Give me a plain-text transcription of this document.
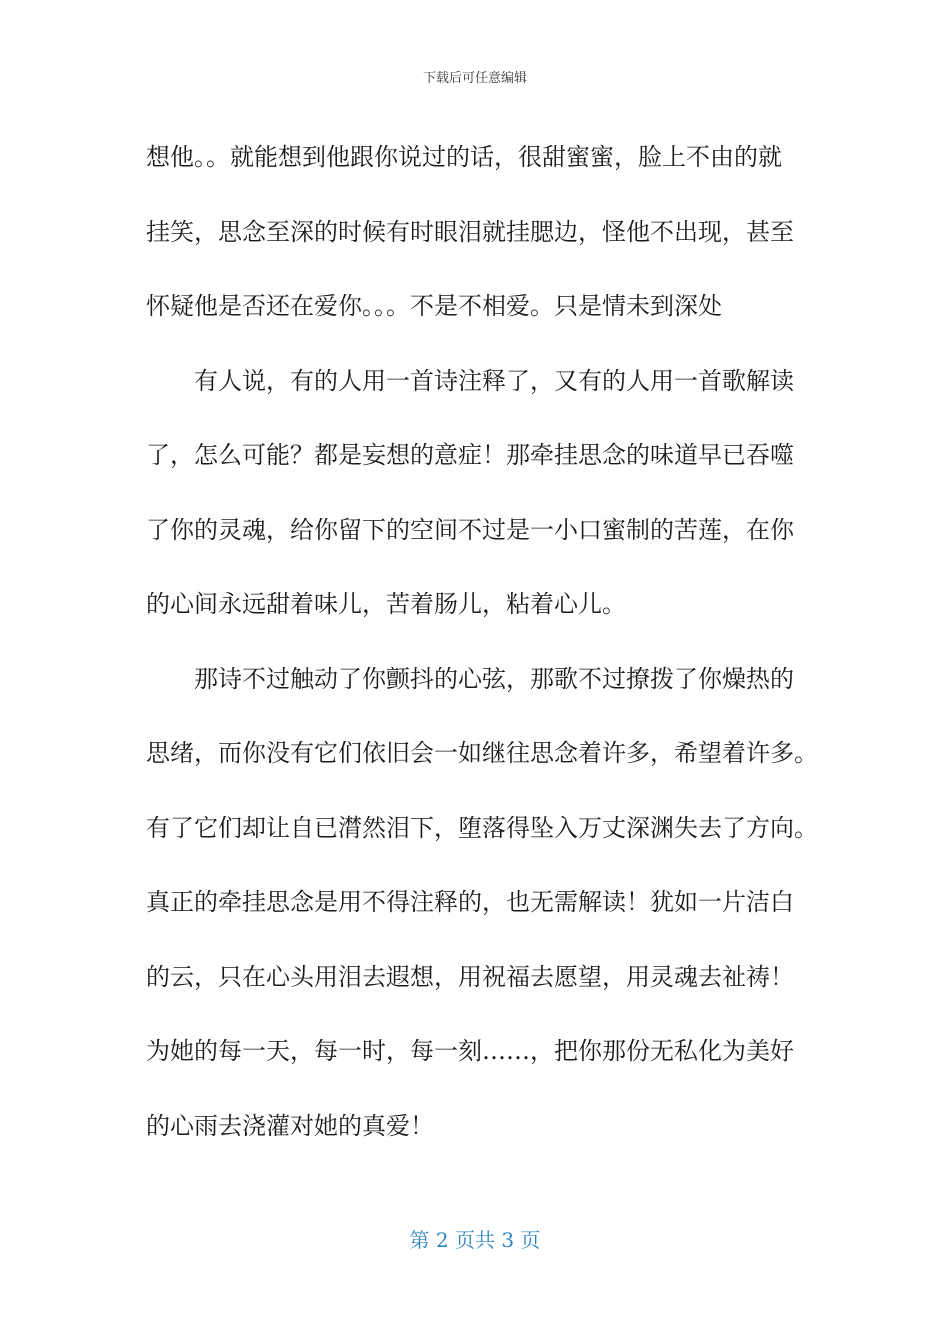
下载后可任意编辑
想他。。就能想到他跟你说过的话，很甜蜜蜜，脸上不由的就
挂笑，思念至深的时候有时眼泪就挂腮边，怪他不出现，甚至
怀疑他是否还在爱你。。。不是不相爱。只是情未到深处
有人说，有的人用一首诗注释了，又有的人用一首歌解读
了，怎么可能？都是妄想的意症！那牵挂思念的味道早已吞噬
了你的灵魂，给你留下的空间不过是一小口蜜制的苦莲，在你
的心间永远甜着味儿，苦着肠儿，粘着心儿。
那诗不过触动了你颤抖的心弦，那歌不过撩拨了你燥热的
思绪，而你没有它们依旧会一如继往思念着许多，希望着许多。
有了它们却让自已潸然泪下，堕落得坠入万丈深渊失去了方向。
真正的牵挂思念是用不得注释的，也无需解读！犹如一片洁白
的云，只在心头用泪去遐想，用祝福去愿望，用灵魂去祉祷！
为她的每一天，每一时，每一刻……，把你那份无私化为美好
的心雨去浇灌对她的真爱！
第 2 页共 3 页
